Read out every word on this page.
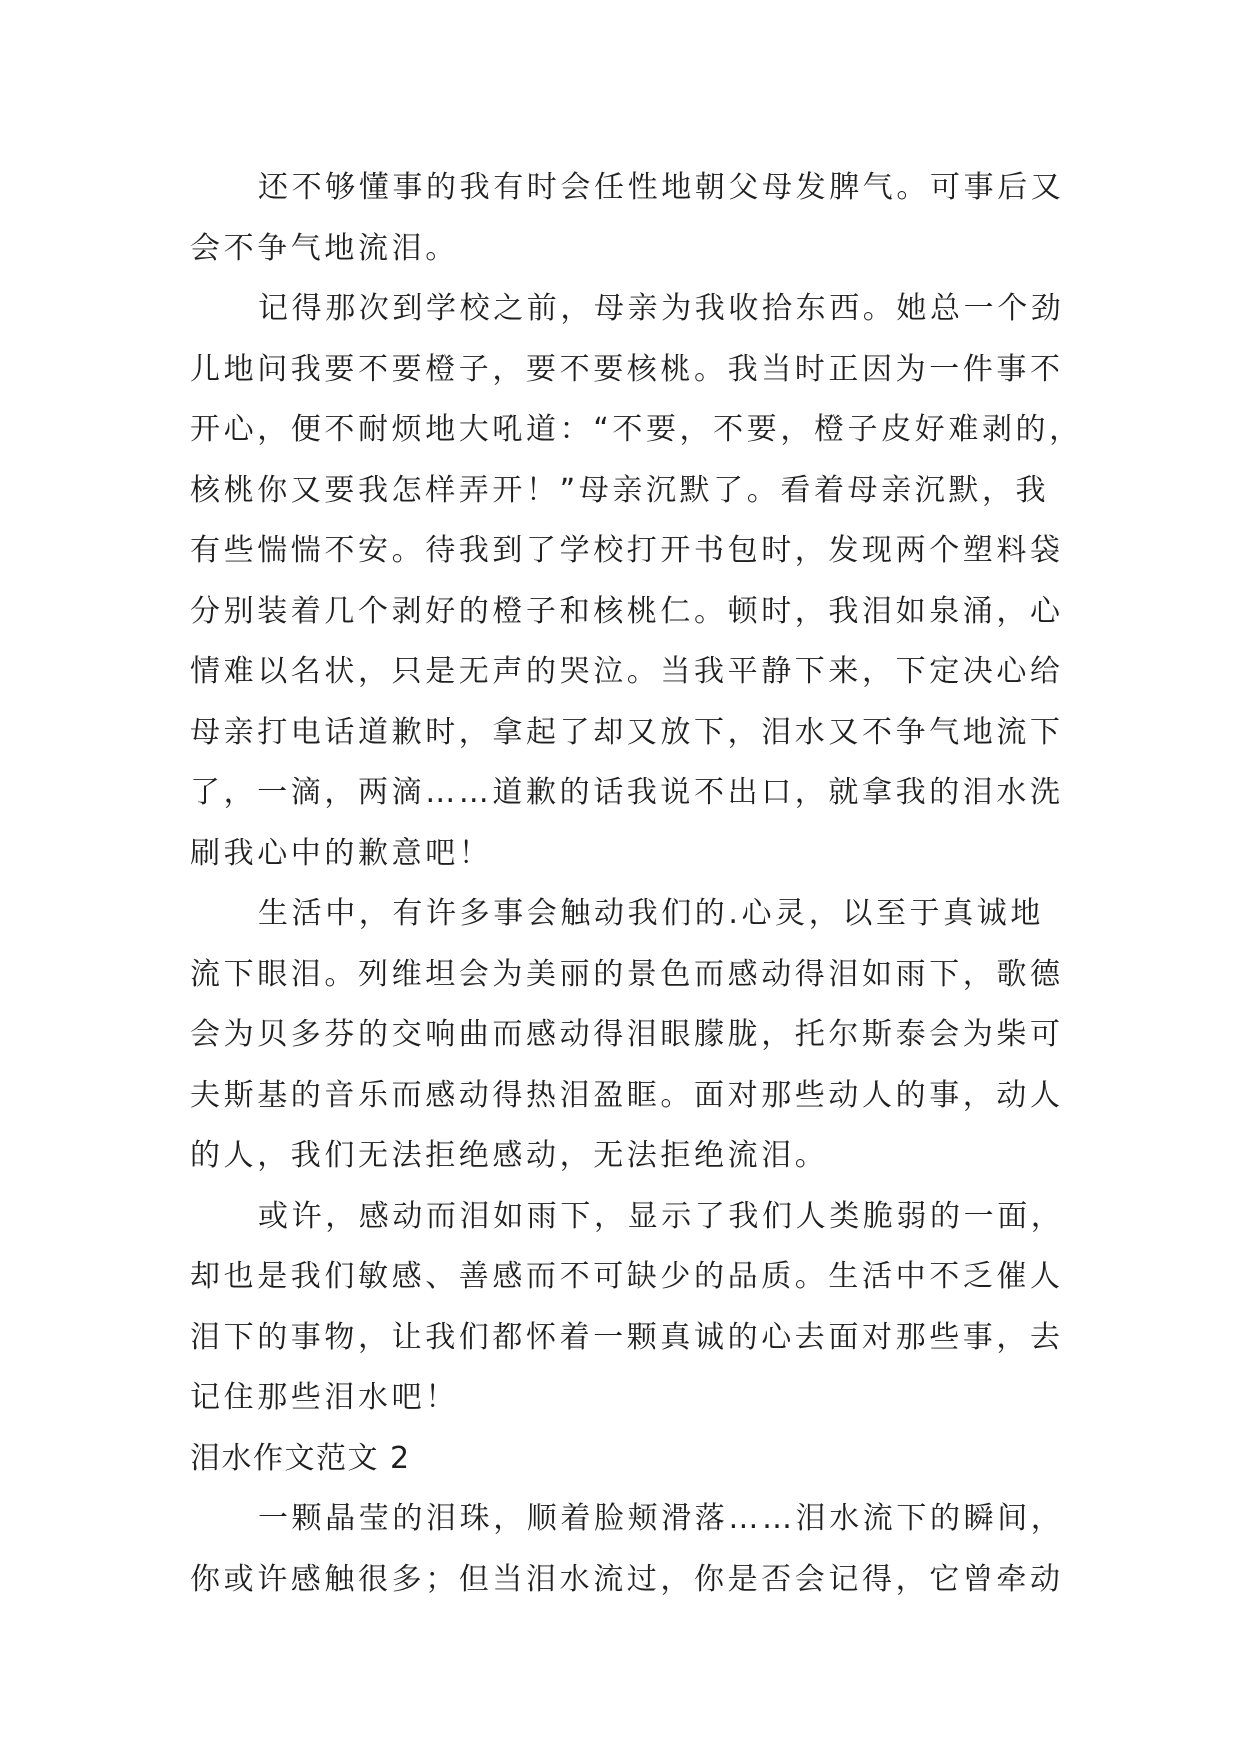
还不够懂事的我有时会任性地朝父母发脾气。可事后又
会不争气地流泪。
记得那次到学校之前，母亲为我收拾东西。她总一个劲
儿地问我要不要橙子，要不要核桃。我当时正因为一件事不
开心，便不耐烦地大吼道：“不要，不要，橙子皮好难剥的，
核桃你又要我怎样弄开！”母亲沉默了。看着母亲沉默，我
有些惴惴不安。待我到了学校打开书包时，发现两个塑料袋
分别装着几个剥好的橙子和核桃仁。顿时，我泪如泉涌，心
情难以名状，只是无声的哭泣。当我平静下来，下定决心给
母亲打电话道歉时，拿起了却又放下，泪水又不争气地流下
了，一滴，两滴……道歉的话我说不出口，就拿我的泪水洗
刷我心中的歉意吧！
生活中，有许多事会触动我们的.心灵，以至于真诚地
流下眼泪。列维坦会为美丽的景色而感动得泪如雨下，歌德
会为贝多芬的交响曲而感动得泪眼朦胧，托尔斯泰会为柴可
夫斯基的音乐而感动得热泪盈眶。面对那些动人的事，动人
的人，我们无法拒绝感动，无法拒绝流泪。
或许，感动而泪如雨下，显示了我们人类脆弱的一面，
却也是我们敏感、善感而不可缺少的品质。生活中不乏催人
泪下的事物，让我们都怀着一颗真诚的心去面对那些事，去
记住那些泪水吧！
泪水作文范文 2
一颗晶莹的泪珠，顺着脸颊滑落……泪水流下的瞬间，
你或许感触很多；但当泪水流过，你是否会记得，它曾牵动
